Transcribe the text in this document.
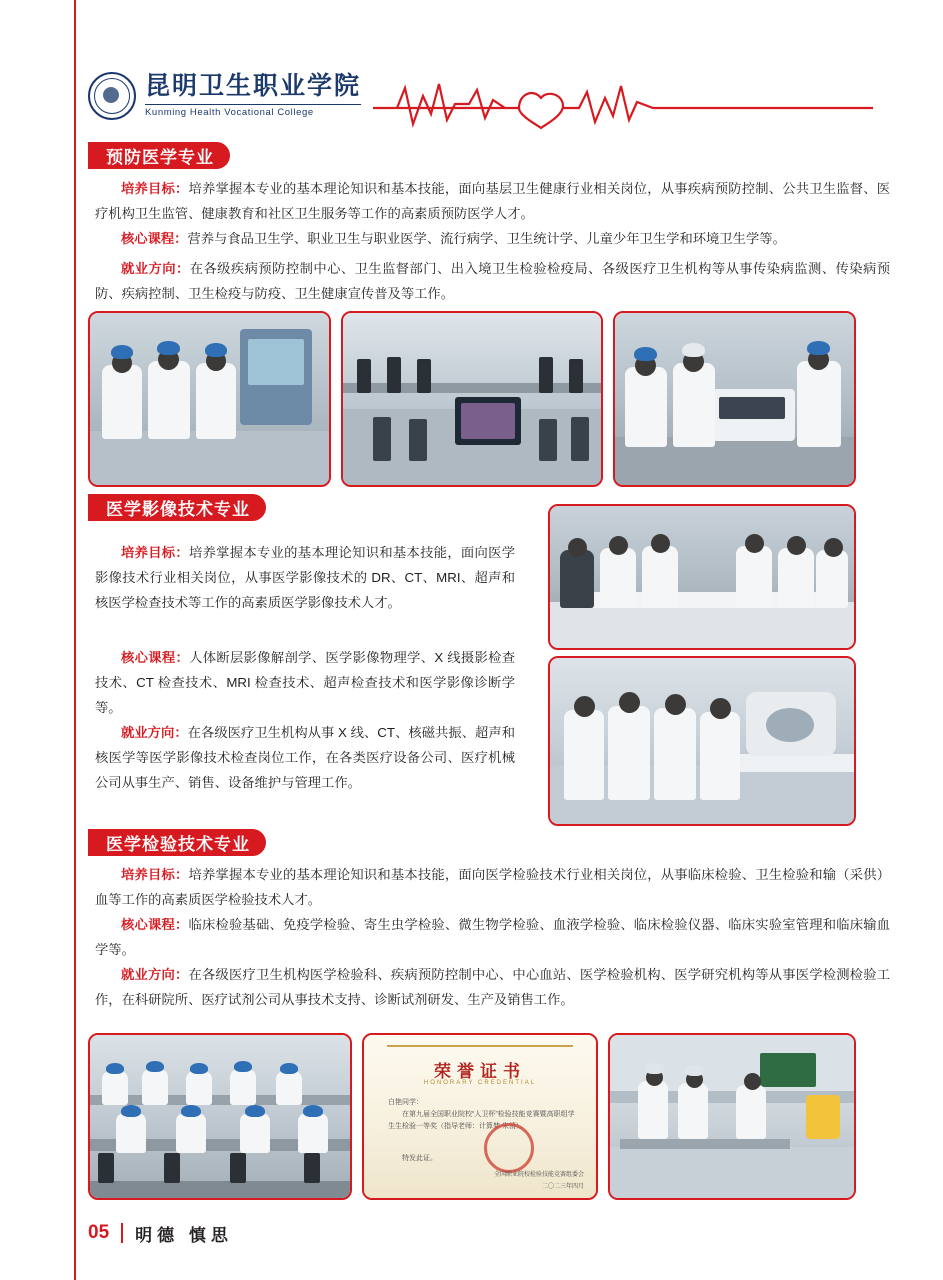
昆明卫生职业学院
Kunming Health Vocational College
预防医学专业
培养目标：培养掌握本专业的基本理论知识和基本技能，面向基层卫生健康行业相关岗位，从事疾病预防控制、公共卫生监督、医疗机构卫生监管、健康教育和社区卫生服务等工作的高素质预防医学人才。
核心课程：营养与食品卫生学、职业卫生与职业医学、流行病学、卫生统计学、儿童少年卫生学和环境卫生学等。
就业方向：在各级疾病预防控制中心、卫生监督部门、出入境卫生检验检疫局、各级医疗卫生机构等从事传染病监测、传染病预防、疾病控制、卫生检疫与防疫、卫生健康宣传普及等工作。
医学影像技术专业
培养目标：培养掌握本专业的基本理论知识和基本技能，面向医学影像技术行业相关岗位，从事医学影像技术的 DR、CT、MRI、超声和核医学检查技术等工作的高素质医学影像技术人才。
核心课程：人体断层影像解剖学、医学影像物理学、X 线摄影检查技术、CT 检查技术、MRI 检查技术、超声检查技术和医学影像诊断学等。
就业方向：在各级医疗卫生机构从事 X 线、CT、核磁共振、超声和核医学等医学影像技术检查岗位工作，在各类医疗设备公司、医疗机械公司从事生产、销售、设备维护与管理工作。
医学检验技术专业
培养目标：培养掌握本专业的基本理论知识和基本技能，面向医学检验技术行业相关岗位，从事临床检验、卫生检验和输（采供）血等工作的高素质医学检验技术人才。
核心课程：临床检验基础、免疫学检验、寄生虫学检验、微生物学检验、血液学检验、临床检验仪器、临床实验室管理和临床输血学等。
就业方向：在各级医疗卫生机构医学检验科、疾病预防控制中心、中心血站、医学检验机构、医学研究机构等从事医学检测检验工作，在科研院所、医疗试剂公司从事技术支持、诊断试剂研发、生产及销售工作。
荣誉证书
HONORARY CREDENTIAL
白艳同学：
在第九届全国职业院校“人卫杯”检验技能竞赛暨高职组学生生检验一等奖（指导老师：计算梦 朱清）。
特发此证。
全国职业院校检验技能竞赛组委会
二〇二三年四月
05 明德 慎思
